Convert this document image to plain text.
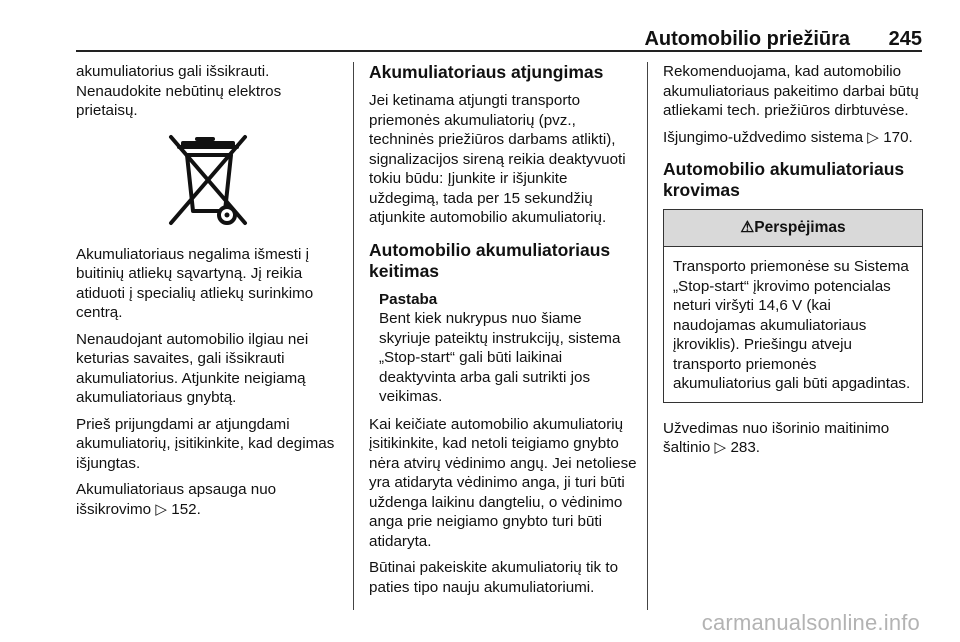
Automobilio priežiūra 245

akumuliatorius gali išsikrauti. Nenaudokite nebūtinų elektros prietaisų.

Akumuliatoriaus negalima išmesti į buitinių atliekų sąvartyną. Jį reikia atiduoti į specialių atliekų surinkimo centrą.

Nenaudojant automobilio ilgiau nei keturias savaites, gali išsikrauti akumuliatorius. Atjunkite neigiamą akumuliatoriaus gnybtą.

Prieš prijungdami ar atjungdami akumuliatorių, įsitikinkite, kad degimas išjungtas.

Akumuliatoriaus apsauga nuo išsikrovimo ▷ 152.

Akumuliatoriaus atjungimas

Jei ketinama atjungti transporto priemonės akumuliatorių (pvz., techninės priežiūros darbams atlikti), signalizacijos sireną reikia deaktyvuoti tokiu būdu: Įjunkite ir išjunkite uždegimą, tada per 15 sekundžių atjunkite automobilio akumuliatorių.

Automobilio akumuliatoriaus keitimas
Pastaba
Bent kiek nukrypus nuo šiame skyriuje pateiktų instrukcijų, sistema „Stop-start“ gali būti laikinai deaktyvinta arba gali sutrikti jos veikimas.

Kai keičiate automobilio akumuliatorių įsitikinkite, kad netoli teigiamo gnybto nėra atvirų vėdinimo angų. Jei netoliese yra atidaryta vėdinimo anga, ji turi būti uždenga laikinu dangteliu, o vėdinimo anga prie neigiamo gnybto turi būti atidaryta.

Būtinai pakeiskite akumuliatorių tik to paties tipo nauju akumuliatoriumi.

Rekomenduojama, kad automobilio akumuliatoriaus pakeitimo darbai būtų atliekami tech. priežiūros dirbtuvėse.

Išjungimo-uždvedimo sistema ▷ 170.

Automobilio akumuliatoriaus krovimas
⚠Perspėjimas
Transporto priemonėse su Sistema „Stop-start“ įkrovimo potencialas neturi viršyti 14,6 V (kai naudojamas akumuliatoriaus įkroviklis). Priešingu atveju transporto priemonės akumuliatorius gali būti apgadintas.

Užvedimas nuo išorinio maitinimo šaltinio ▷ 283.

carmanualsonline.info
